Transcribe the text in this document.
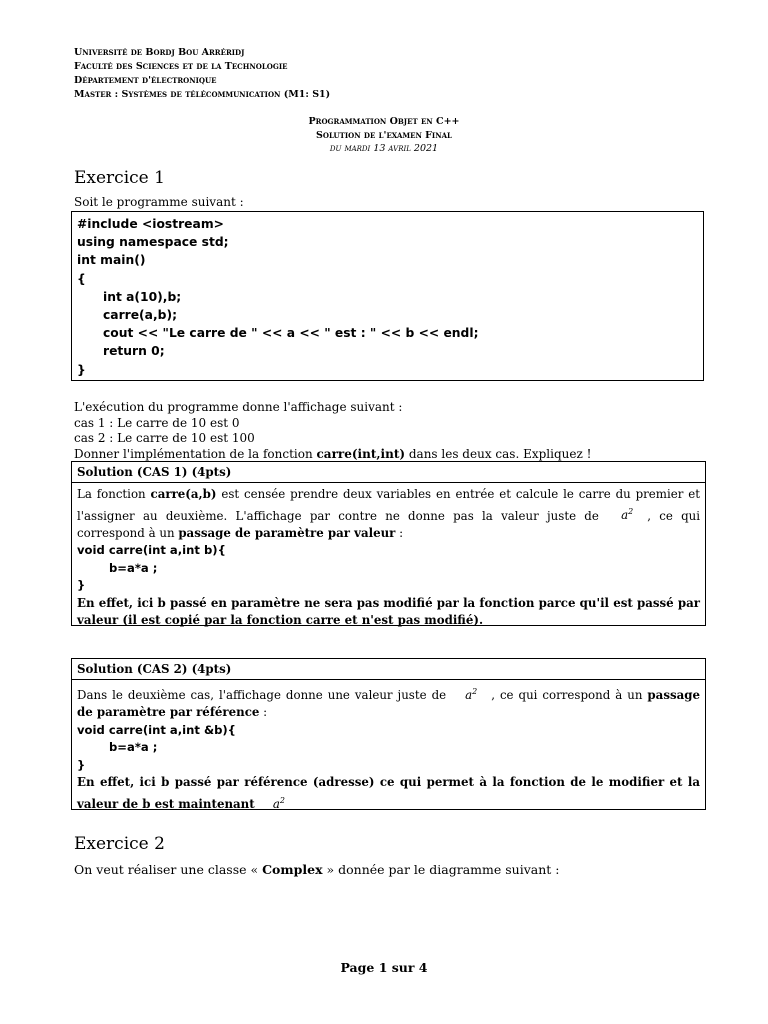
Université de Bordj Bou Arréridj
Faculté des Sciences et de la Technologie
Département d'électronique
Master : Systèmes de télécommunication (M1: S1)
Programmation Objet en C++
Solution de l'examen Final
du mardi 13 avril 2021
Exercice 1
Soit le programme suivant :
#include <iostream>
using namespace std;
int main()
{
int a(10),b;
carre(a,b);
cout << "Le carre de " << a << " est : " << b << endl;
return 0;
}
L'exécution du programme donne l'affichage suivant :
cas 1 : Le carre de 10 est 0
cas 2 : Le carre de 10 est 100
Donner l'implémentation de la fonction carre(int,int) dans les deux cas. Expliquez !
Solution (CAS 1) (4pts)
La fonction carre(a,b) est censée prendre deux variables en entrée et calcule le carre du premier et l'assigner au deuxième. L'affichage par contre ne donne pas la valeur juste de $a^2$ , ce qui correspond à un passage de paramètre par valeur :
void carre(int a,int b){
b=a*a ;
}
En effet, ici b passé en paramètre ne sera pas modifié par la fonction parce qu'il est passé par valeur (il est copié par la fonction carre et n'est pas modifié).
Solution (CAS 2) (4pts)
Dans le deuxième cas, l'affichage donne une valeur juste de $a^2$ , ce qui correspond à un passage de paramètre par référence :
void carre(int a,int &b){
b=a*a ;
}
En effet, ici b passé par référence (adresse) ce qui permet à la fonction de le modifier et la valeur de b est maintenant $a^2$
Exercice 2
On veut réaliser une classe « Complex » donnée par le diagramme suivant :
Page 1 sur 4
